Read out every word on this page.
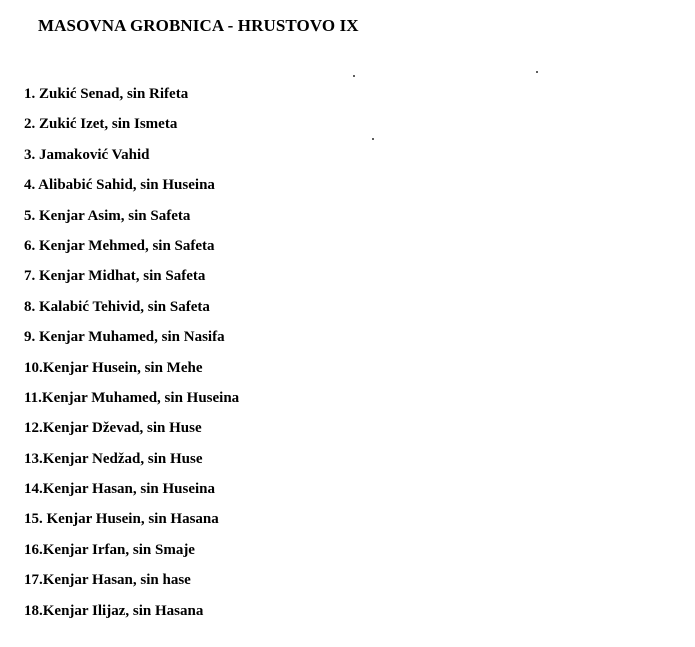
MASOVNA GROBNICA - HRUSTOVO IX
1. Zukić Senad, sin Rifeta
2. Zukić Izet, sin Ismeta
3. Jamaković Vahid
4. Alibabić Sahid, sin Huseina
5. Kenjar Asim, sin Safeta
6. Kenjar Mehmed, sin Safeta
7. Kenjar Midhat, sin Safeta
8. Kalabić Tehivid, sin Safeta
9. Kenjar Muhamed, sin Nasifa
10.Kenjar Husein, sin Mehe
11.Kenjar Muhamed, sin Huseina
12.Kenjar Dževad, sin Huse
13.Kenjar Nedžad, sin Huse
14.Kenjar Hasan, sin Huseina
15. Kenjar Husein, sin Hasana
16.Kenjar Irfan, sin Smaje
17.Kenjar Hasan, sin hase
18.Kenjar Ilijaz, sin Hasana
